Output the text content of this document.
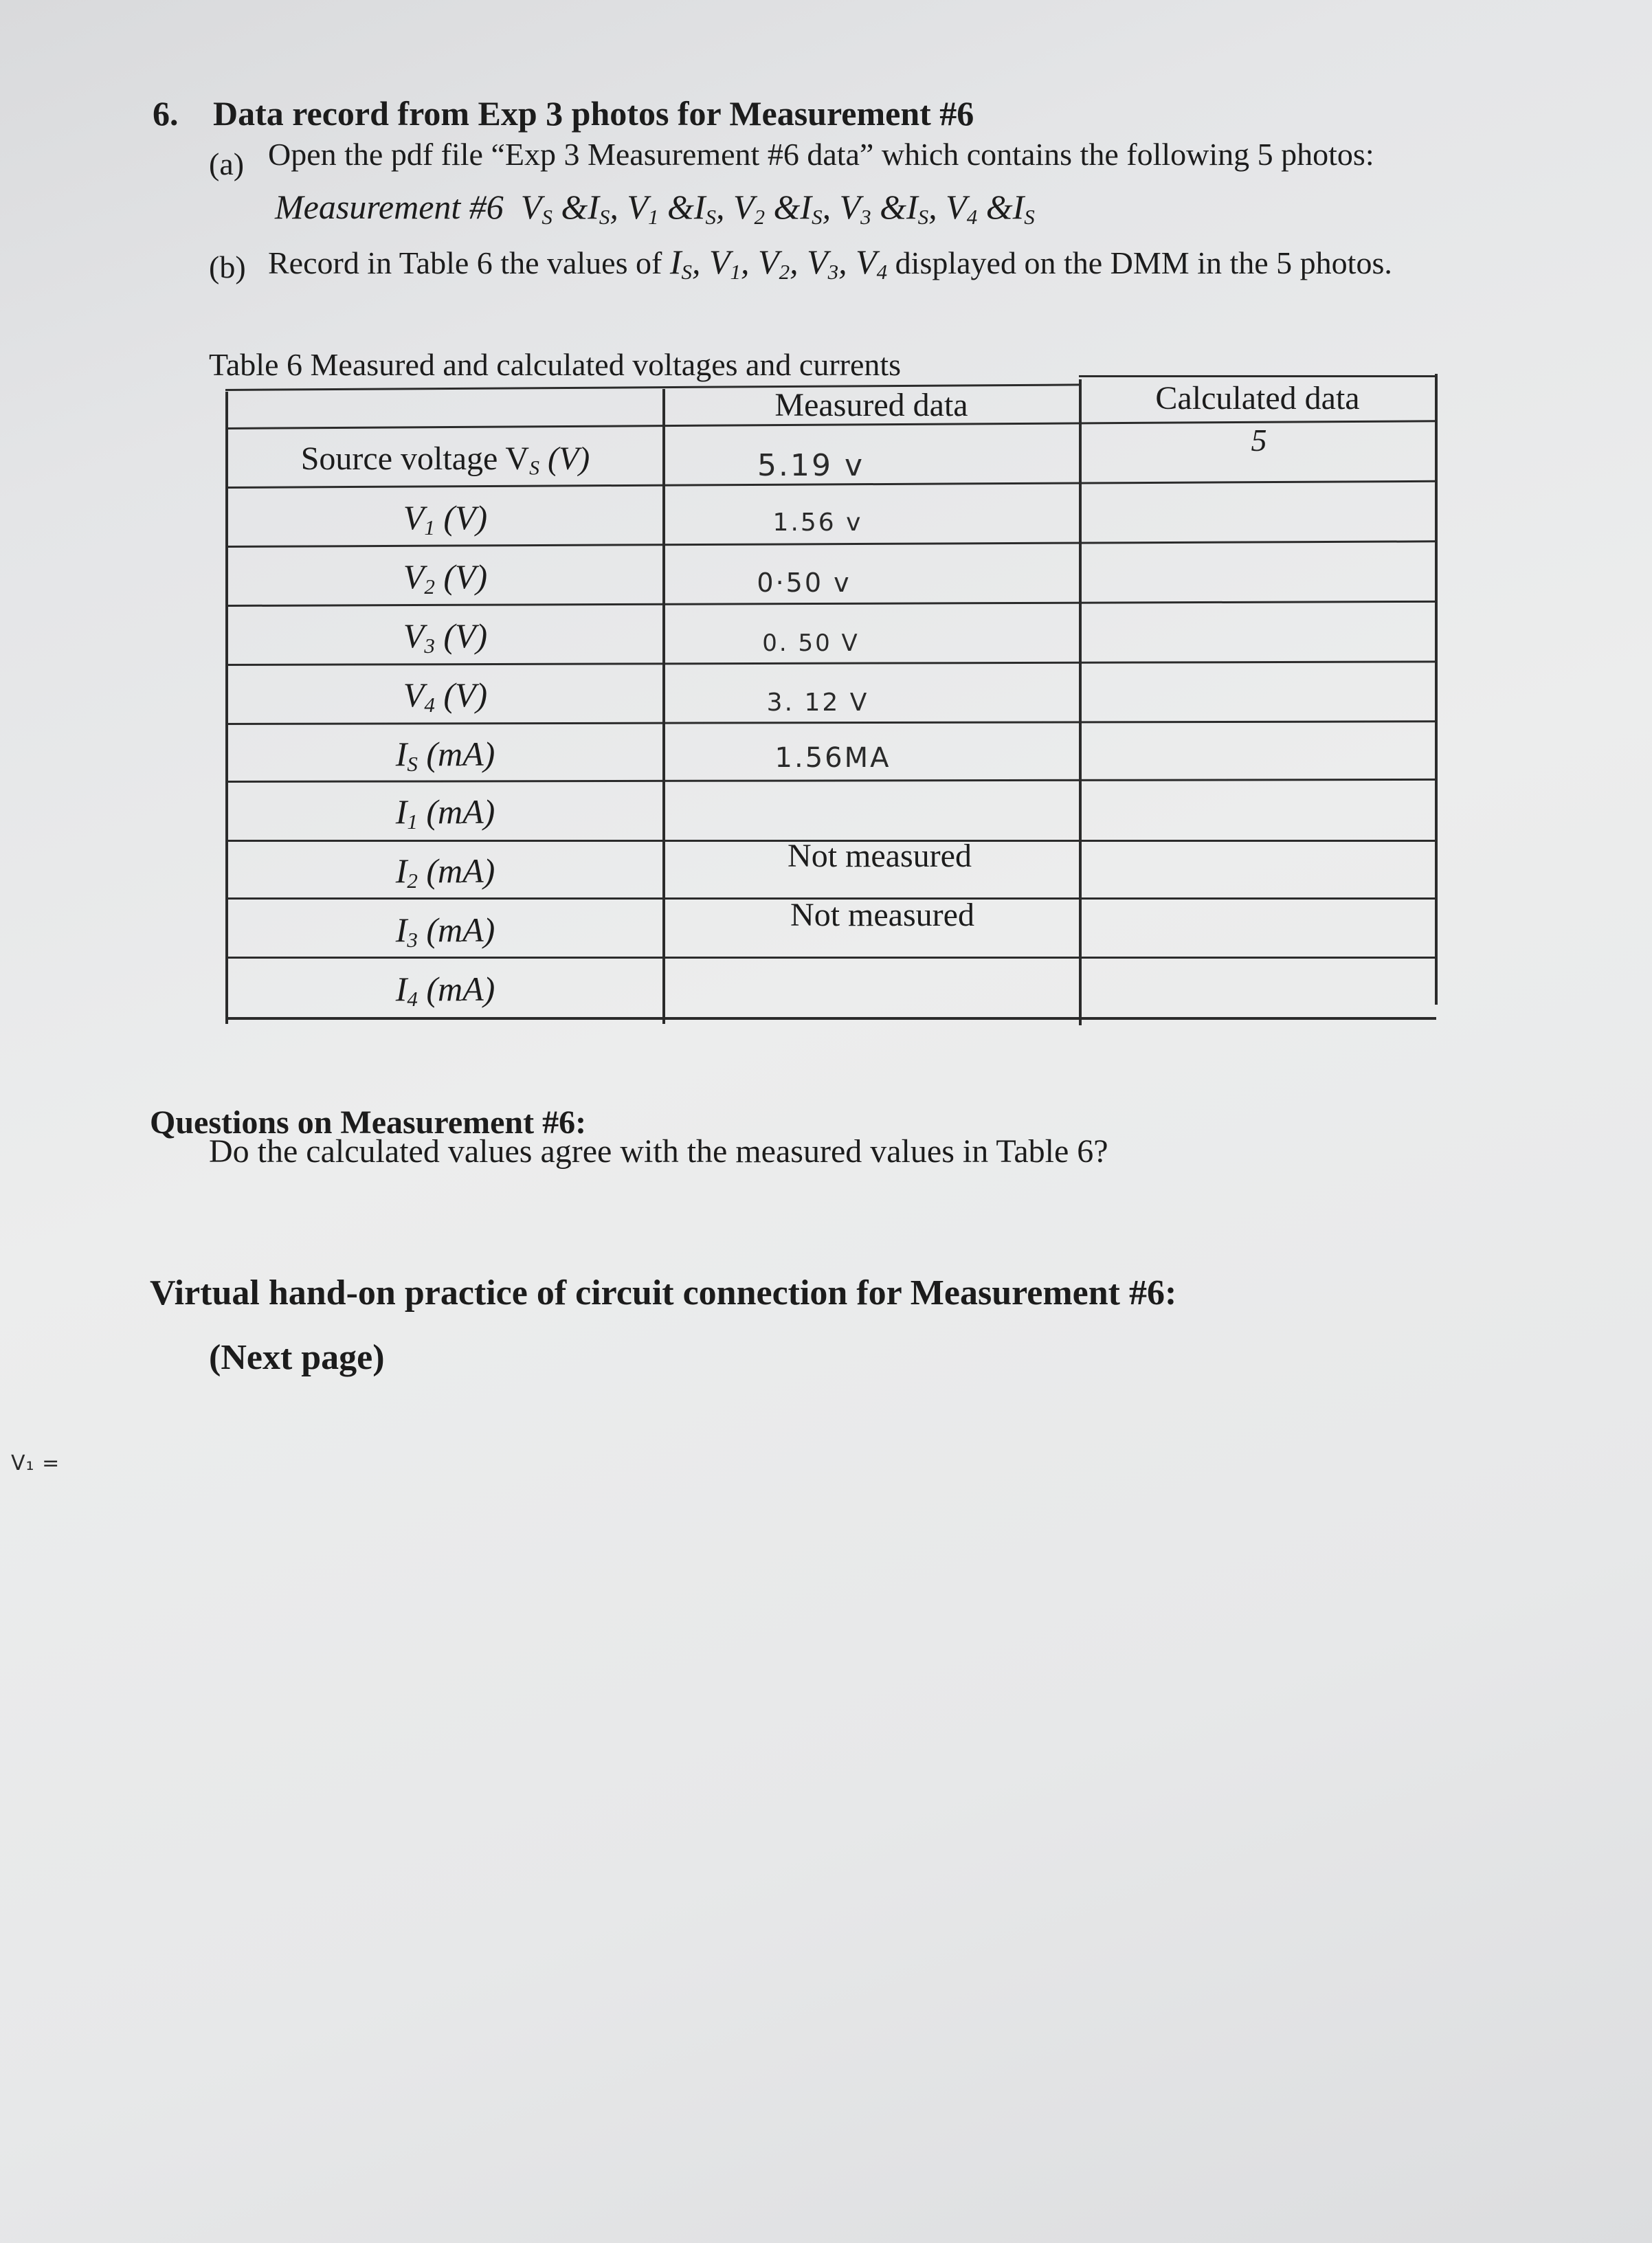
6. Data record from Exp 3 photos for Measurement #6
(a) Open the pdf file “Exp 3 Measurement #6 data” which contains the following 5 photos:
Measurement #6 $V_S$ $\&I_S$, $V_1$ $\&I_S$, $V_2$ $\&I_S$, $V_3$ $\&I_S$, $V_4$ $\&I_S$
(b) Record in Table 6 the values of $I_S$, $V_1$, $V_2$, $V_3$, $V_4$ displayed on the DMM in the 5 photos.
Table 6 Measured and calculated voltages and currents
Measured data	Calculated data
Source voltage $V_S$ (V)
$V_1$ (V)
$V_2$ (V)
$V_3$ (V)
$V_4$ (V)
$I_S$ (mA)
$I_1$ (mA)
$I_2$ (mA)
$I_3$ (mA)
$I_4$ (mA)
5.19 v
1.56 v
0·50 v
0. 50 V
3. 12 V
1.56MA
Not measured
Not measured
5
Questions on Measurement #6:
Do the calculated values agree with the measured values in Table 6?
Virtual hand-on practice of circuit connection for Measurement #6:
(Next page)
V₁ =
